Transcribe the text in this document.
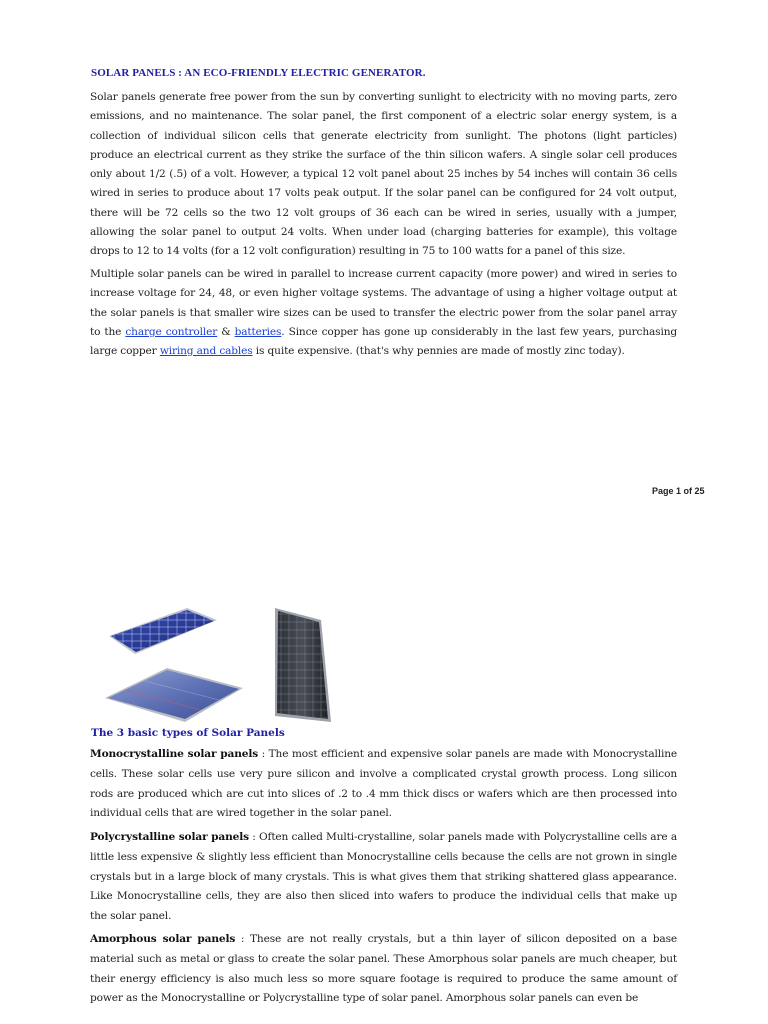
SOLAR PANELS : AN ECO-FRIENDLY ELECTRIC GENERATOR.

Solar panels generate free power from the sun by converting sunlight to electricity with no moving parts, zero emissions, and no maintenance. The solar panel, the first component of a electric solar energy system, is a collection of individual silicon cells that generate electricity from sunlight. The photons (light particles) produce an electrical current as they strike the surface of the thin silicon wafers. A single solar cell produces only about 1/2 (.5) of a volt. However, a typical 12 volt panel about 25 inches by 54 inches will contain 36 cells wired in series to produce about 17 volts peak output. If the solar panel can be configured for 24 volt output, there will be 72 cells so the two 12 volt groups of 36 each can be wired in series, usually with a jumper, allowing the solar panel to output 24 volts. When under load (charging batteries for example), this voltage drops to 12 to 14 volts (for a 12 volt configuration) resulting in 75 to 100 watts for a panel of this size.

Multiple solar panels can be wired in parallel to increase current capacity (more power) and wired in series to increase voltage for 24, 48, or even higher voltage systems. The advantage of using a higher voltage output at the solar panels is that smaller wire sizes can be used to transfer the electric power from the solar panel array to the charge controller & batteries. Since copper has gone up considerably in the last few years, purchasing large copper wiring and cables is quite expensive. (that's why pennies are made of mostly zinc today).

Page 1 of 25
The 3 basic types of Solar Panels

Monocrystalline solar panels : The most efficient and expensive solar panels are made with Monocrystalline cells. These solar cells use very pure silicon and involve a complicated crystal growth process. Long silicon rods are produced which are cut into slices of .2 to .4 mm thick discs or wafers which are then processed into individual cells that are wired together in the solar panel.

Polycrystalline solar panels : Often called Multi-crystalline, solar panels made with Polycrystalline cells are a little less expensive & slightly less efficient than Monocrystalline cells because the cells are not grown in single crystals but in a large block of many crystals. This is what gives them that striking shattered glass appearance. Like Monocrystalline cells, they are also then sliced into wafers to produce the individual cells that make up the solar panel.

Amorphous solar panels : These are not really crystals, but a thin layer of silicon deposited on a base material such as metal or glass to create the solar panel. These Amorphous solar panels are much cheaper, but their energy efficiency is also much less so more square footage is required to produce the same amount of power as the Monocrystalline or Polycrystalline type of solar panel. Amorphous solar panels can even be
